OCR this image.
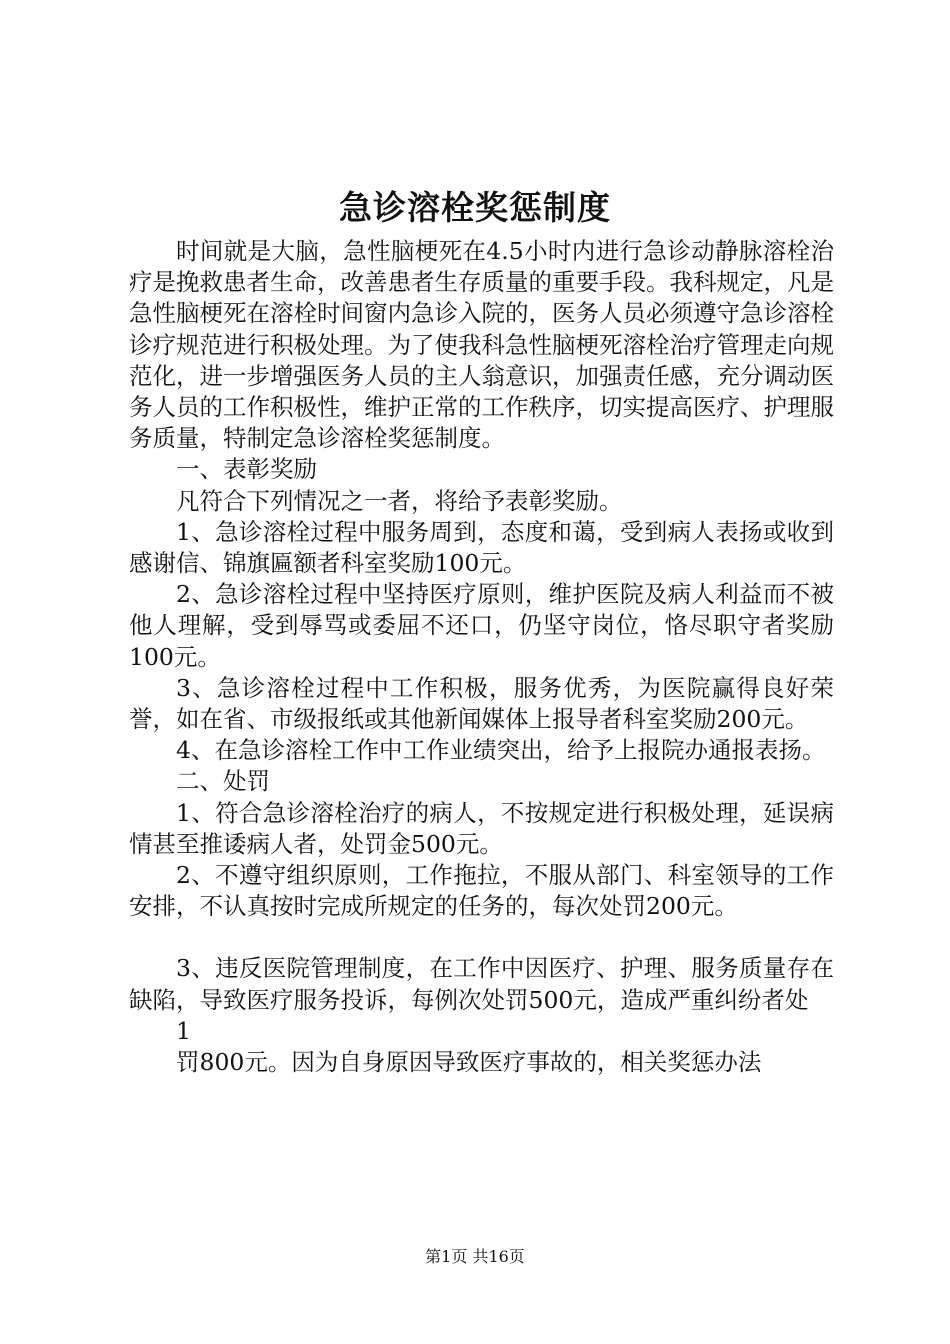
急诊溶栓奖惩制度

时间就是大脑，急性脑梗死在4.5小时内进行急诊动静脉溶栓治疗是挽救患者生命，改善患者生存质量的重要手段。我科规定，凡是急性脑梗死在溶栓时间窗内急诊入院的，医务人员必须遵守急诊溶栓诊疗规范进行积极处理。为了使我科急性脑梗死溶栓治疗管理走向规范化，进一步增强医务人员的主人翁意识，加强责任感，充分调动医务人员的工作积极性，维护正常的工作秩序，切实提高医疗、护理服务质量，特制定急诊溶栓奖惩制度。

一、表彰奖励

凡符合下列情况之一者，将给予表彰奖励。

1、急诊溶栓过程中服务周到，态度和蔼，受到病人表扬或收到感谢信、锦旗匾额者科室奖励100元。

2、急诊溶栓过程中坚持医疗原则，维护医院及病人利益而不被他人理解，受到辱骂或委屈不还口，仍坚守岗位，恪尽职守者奖励100元。

3、急诊溶栓过程中工作积极，服务优秀，为医院赢得良好荣誉，如在省、市级报纸或其他新闻媒体上报导者科室奖励200元。

4、在急诊溶栓工作中工作业绩突出，给予上报院办通报表扬。

二、处罚

1、符合急诊溶栓治疗的病人，不按规定进行积极处理，延误病情甚至推诿病人者，处罚金500元。

2、不遵守组织原则，工作拖拉，不服从部门、科室领导的工作安排，不认真按时完成所规定的任务的，每次处罚200元。

3、违反医院管理制度，在工作中因医疗、护理、服务质量存在缺陷，导致医疗服务投诉，每例次处罚500元，造成严重纠纷者处

1

罚800元。因为自身原因导致医疗事故的，相关奖惩办法

第1页 共16页
